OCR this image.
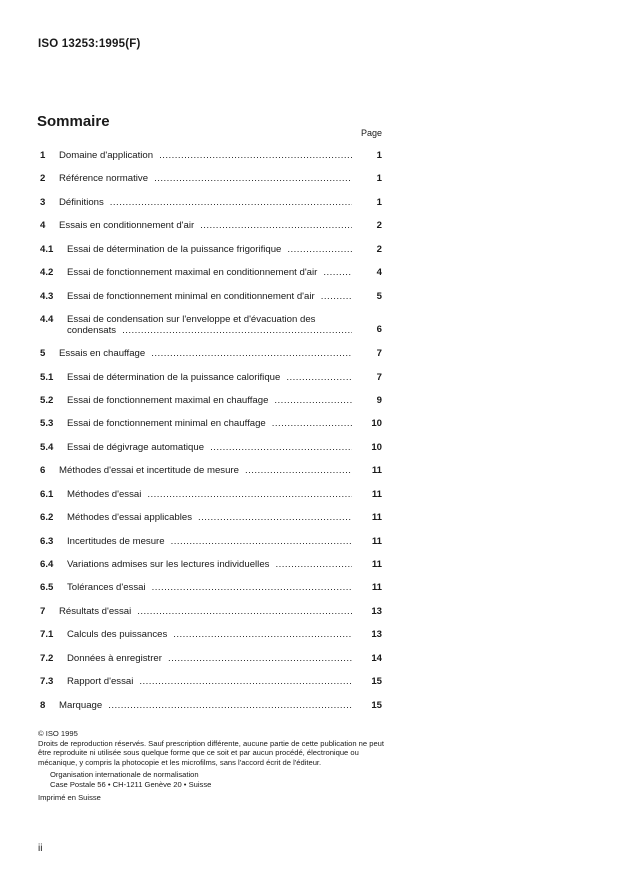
ISO 13253:1995(F)
Sommaire
Page
1 Domaine d'application . . .	1
2 Référence normative . . .	1
3 Définitions . . .	1
4 Essais en conditionnement d'air . . .	2
4.1 Essai de détermination de la puissance frigorifique . . .	2
4.2 Essai de fonctionnement maximal en conditionnement d'air . . .	4
4.3 Essai de fonctionnement minimal en conditionnement d'air . . .	5
4.4 Essai de condensation sur l'enveloppe et d'évacuation des
condensats . . .	6
5 Essais en chauffage . . .	7
5.1 Essai de détermination de la puissance calorifique . . .	7
5.2 Essai de fonctionnement maximal en chauffage . . .	9
5.3 Essai de fonctionnement minimal en chauffage . . .	10
5.4 Essai de dégivrage automatique . . .	10
6 Méthodes d'essai et incertitude de mesure . . .	11
6.1 Méthodes d'essai . . .	11
6.2 Méthodes d'essai applicables . . .	11
6.3 Incertitudes de mesure . . .	11
6.4 Variations admises sur les lectures individuelles . . .	11
6.5 Tolérances d'essai . . .	11
7 Résultats d'essai . . .	13
7.1 Calculs des puissances . . .	13
7.2 Données à enregistrer . . .	14
7.3 Rapport d'essai . . .	15
8 Marquage . . .	15
© ISO 1995
Droits de reproduction réservés. Sauf prescription différente, aucune partie de cette publication ne peut être reproduite ni utilisée sous quelque forme que ce soit et par aucun procédé, électronique ou mécanique, y compris la photocopie et les microfilms, sans l'accord écrit de l'éditeur.
Organisation internationale de normalisation
Case Postale 56 • CH-1211 Genève 20 • Suisse
Imprimé en Suisse
ii
